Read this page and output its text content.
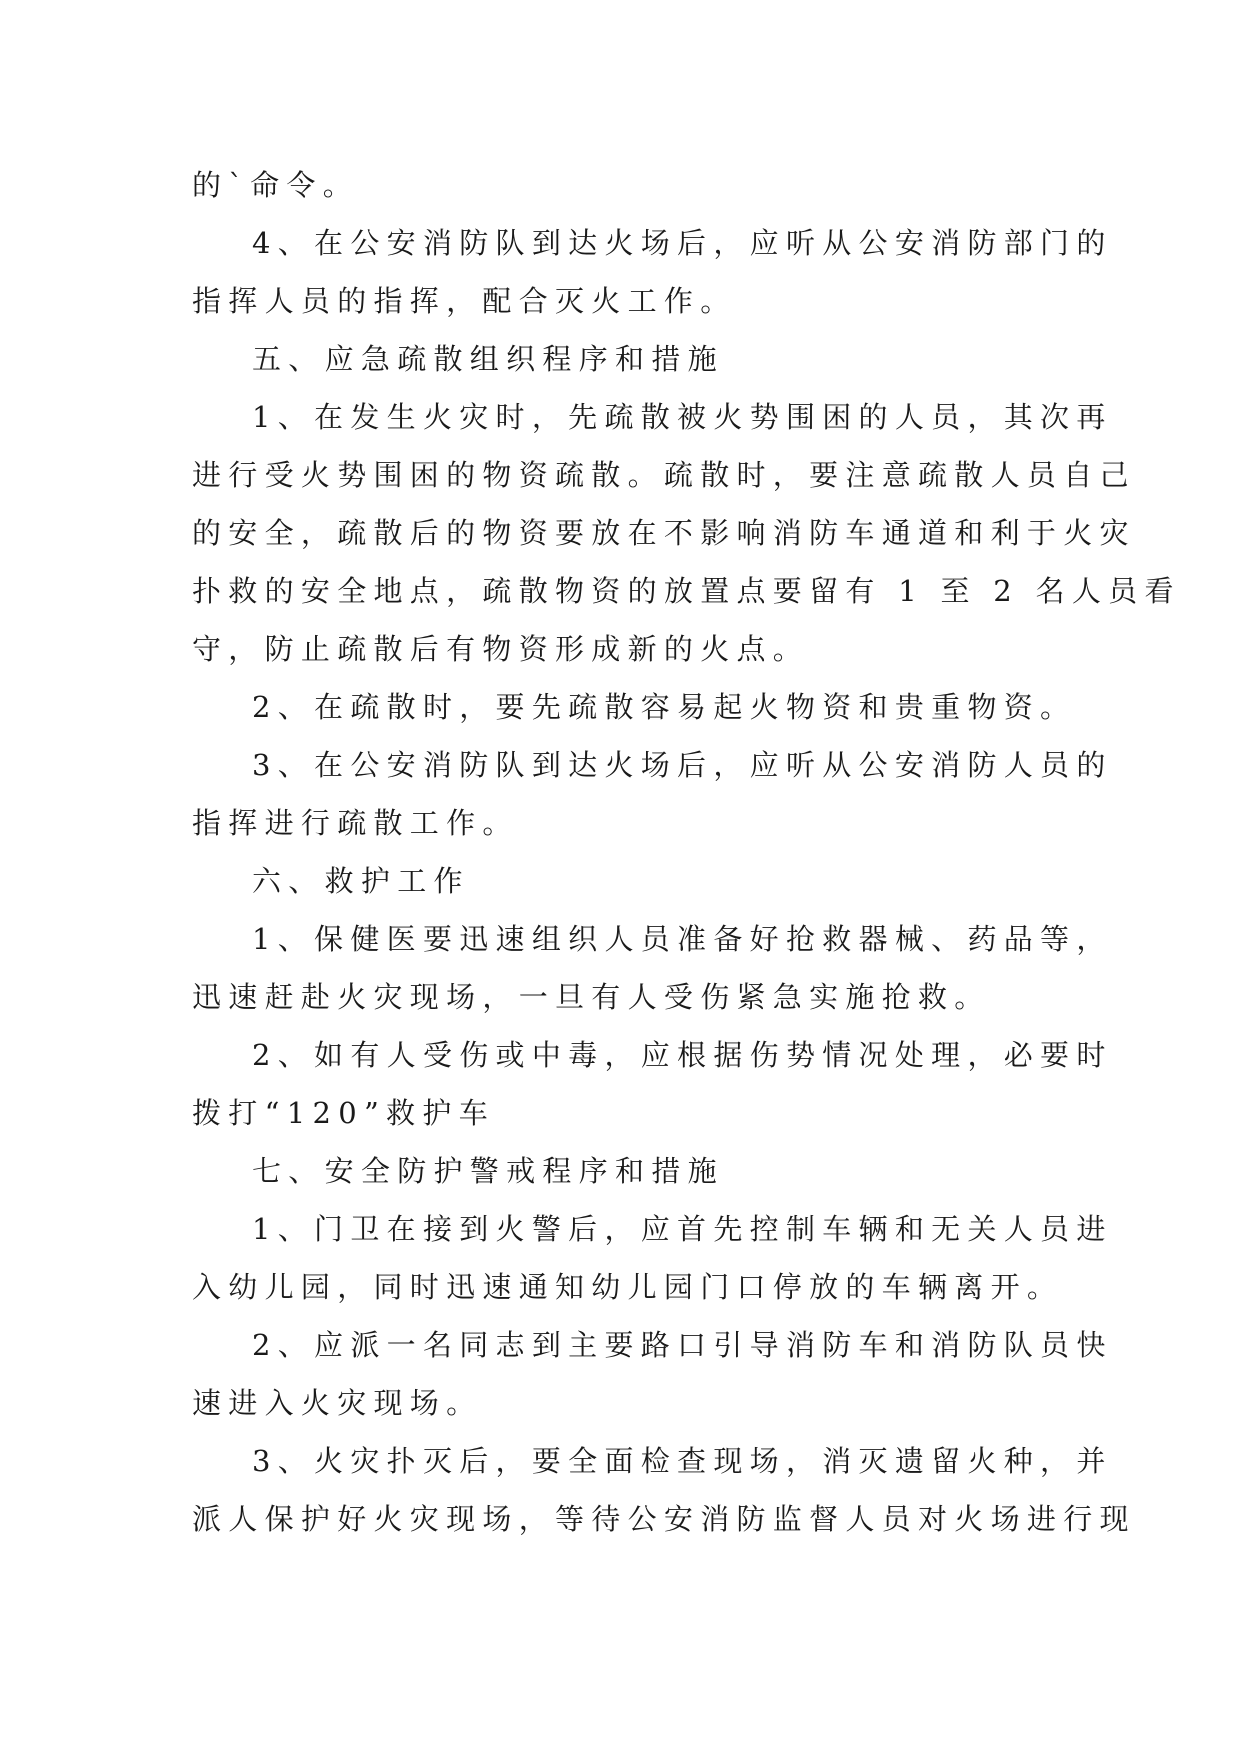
的`命令。
4、在公安消防队到达火场后，应听从公安消防部门的
指挥人员的指挥，配合灭火工作。
五、应急疏散组织程序和措施
1、在发生火灾时，先疏散被火势围困的人员，其次再
进行受火势围困的物资疏散。疏散时，要注意疏散人员自己
的安全，疏散后的物资要放在不影响消防车通道和利于火灾
扑救的安全地点，疏散物资的放置点要留有 1 至 2 名人员看
守，防止疏散后有物资形成新的火点。
2、在疏散时，要先疏散容易起火物资和贵重物资。
3、在公安消防队到达火场后，应听从公安消防人员的
指挥进行疏散工作。
六、救护工作
1、保健医要迅速组织人员准备好抢救器械、药品等，
迅速赶赴火灾现场，一旦有人受伤紧急实施抢救。
2、如有人受伤或中毒，应根据伤势情况处理，必要时
拨打“120”救护车
七、安全防护警戒程序和措施
1、门卫在接到火警后，应首先控制车辆和无关人员进
入幼儿园，同时迅速通知幼儿园门口停放的车辆离开。
2、应派一名同志到主要路口引导消防车和消防队员快
速进入火灾现场。
3、火灾扑灭后，要全面检查现场，消灭遗留火种，并
派人保护好火灾现场，等待公安消防监督人员对火场进行现
